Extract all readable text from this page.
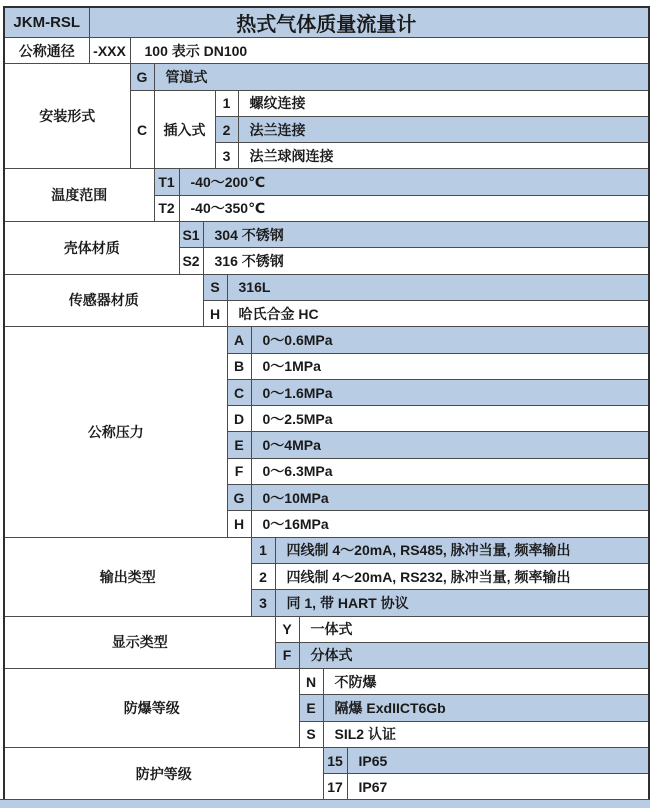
JKM-RSL	热式气体质量流量计												
公称通径	-XXX	100 表示 DN100											
安装形式		G	管道式										
		C	插入式			1		螺纹连接					
						2		法兰连接					
						3		法兰球阀连接					
温度范围			T1	-40～200℃									
			T2	-40～350℃									
壳体材质				S1	304 不锈钢								
				S2	316 不锈钢								
传感器材质					S		316L						
					H		哈氏合金 HC						
公称压力							A		0～0.6MPa				
							B		0～1MPa				
							C		0～1.6MPa				
							D		0～2.5MPa				
							E		0～4MPa				
							F		0～6.3MPa				
							G		0～10MPa				
							H		0～16MPa				
输出类型									1	四线制 4～20mA, RS485, 脉冲当量, 频率输出			
									2	四线制 4～20mA, RS232, 脉冲当量, 频率输出			
									3	同 1, 带 HART 协议			
显示类型										Y	一体式		
										F	分体式		
防爆等级											N	不防爆	
											E	隔爆 ExdIICT6Gb	
											S	SIL2 认证	
防护等级												15	IP65
												17	IP67
